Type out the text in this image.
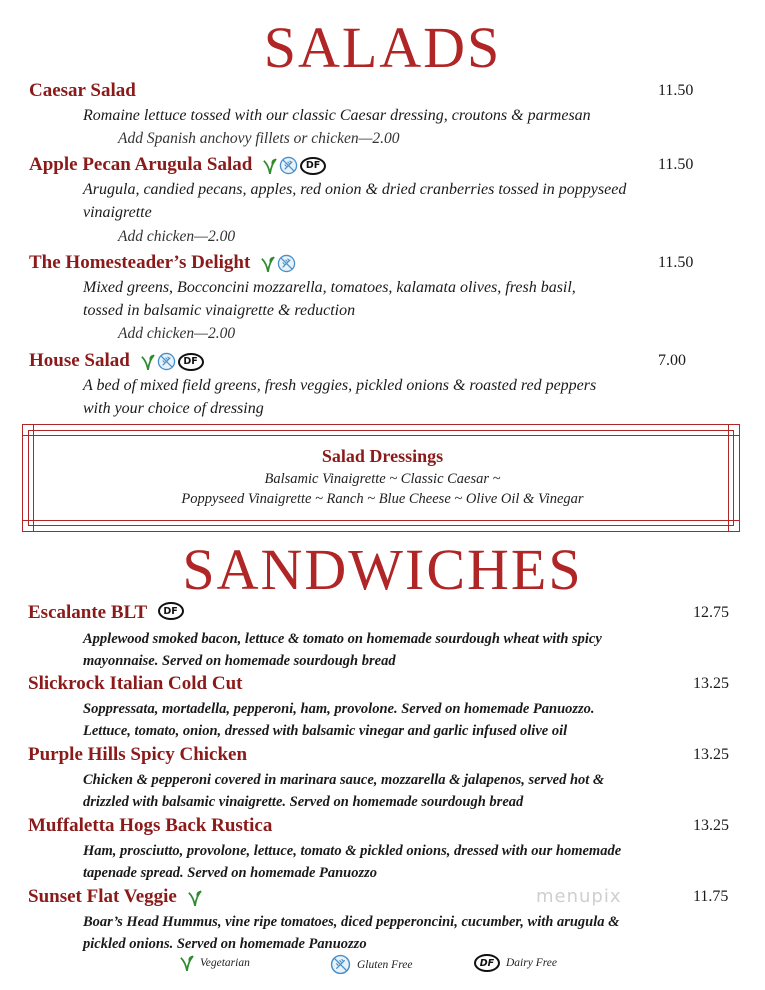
SALADS
Caesar Salad	11.50
Romaine lettuce tossed with our classic Caesar dressing, croutons & parmesan
Add Spanish anchovy fillets or chicken—2.00
Apple Pecan Arugula Salad	DF	11.50
Arugula, candied pecans, apples, red onion & dried cranberries tossed in poppyseed
vinaigrette
Add chicken—2.00
The Homesteader’s Delight	11.50
Mixed greens, Bocconcini mozzarella, tomatoes, kalamata olives, fresh basil,
tossed in balsamic vinaigrette & reduction
Add chicken—2.00
House Salad	DF	7.00
A bed of mixed field greens, fresh veggies, pickled onions & roasted red peppers
with your choice of dressing
Salad Dressings
Balsamic Vinaigrette ~ Classic Caesar ~
Poppyseed Vinaigrette ~ Ranch ~ Blue Cheese ~ Olive Oil & Vinegar
SANDWICHES
Escalante BLT	DF	12.75
Applewood smoked bacon, lettuce & tomato on homemade sourdough wheat with spicy
mayonnaise. Served on homemade sourdough bread
Slickrock Italian Cold Cut	13.25
Soppressata, mortadella, pepperoni, ham, provolone. Served on homemade Panuozzo.
Lettuce, tomato, onion, dressed with balsamic vinegar and garlic infused olive oil
Purple Hills Spicy Chicken	13.25
Chicken & pepperoni covered in marinara sauce, mozzarella & jalapenos, served hot &
drizzled with balsamic vinaigrette. Served on homemade sourdough bread
Muffaletta Hogs Back Rustica	13.25
Ham, prosciutto, provolone, lettuce, tomato & pickled onions, dressed with our homemade
tapenade spread. Served on homemade Panuozzo
Sunset Flat Veggie	11.75
Boar’s Head Hummus, vine ripe tomatoes, diced pepperoncini, cucumber, with arugula &
pickled onions. Served on homemade Panuozzo
menupix
Vegetarian	Gluten Free	DF	Dairy Free
